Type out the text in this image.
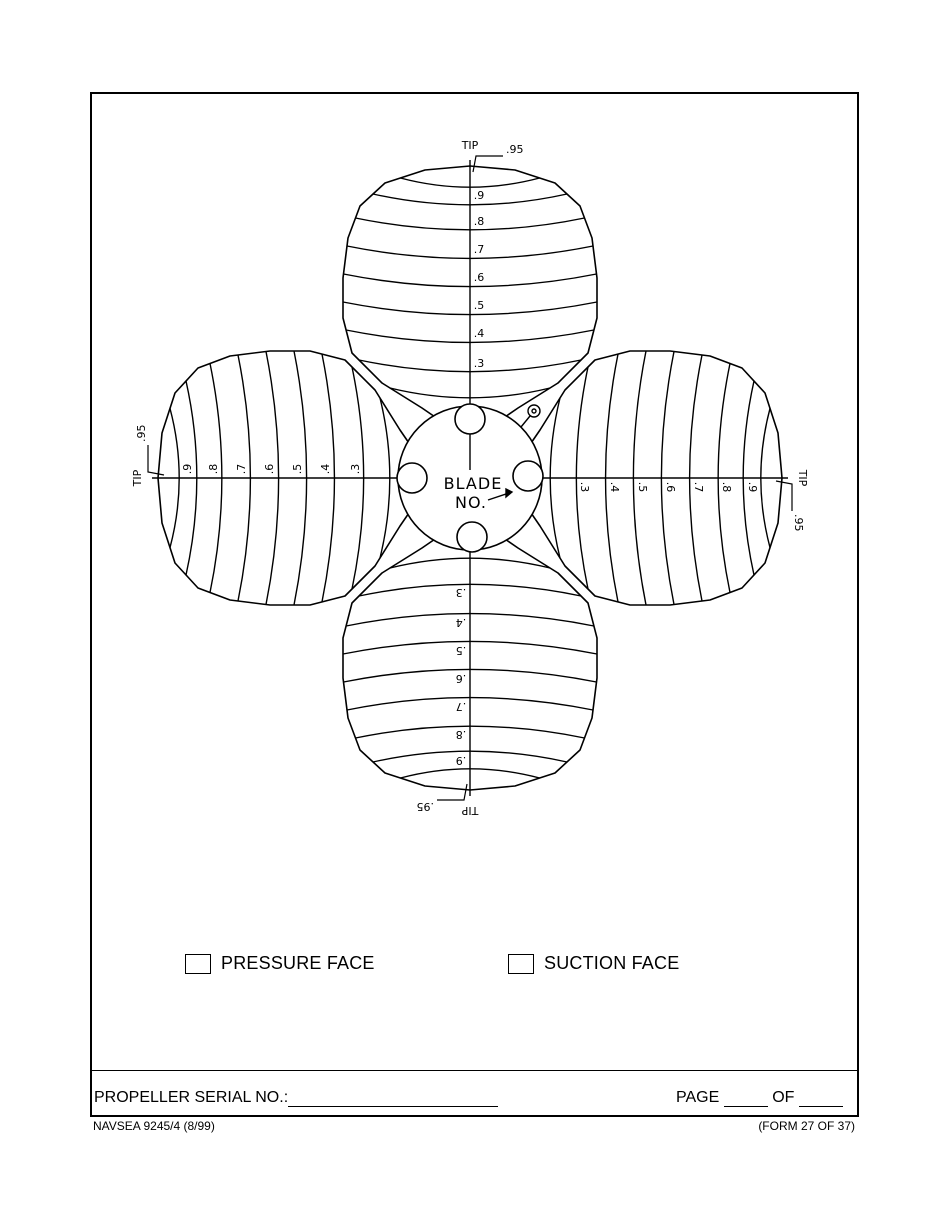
BLADE
NO.
.3
.4
.5
.6
.7
.8
.9
TIP	.95
.3 .4 .5 .6 .7 .8 .9
TIP
.95
.3
.4
.5
.6
.7
.8
.9
TIP
.95
.3
.4
.5
.6
.7
.8
.9
TIP
.95
PRESSURE FACE	SUCTION FACE
PROPELLER SERIAL NO.:	PAGE

	OF

NAVSEA 9245/4 (8/99)	(FORM 27 OF 37)
